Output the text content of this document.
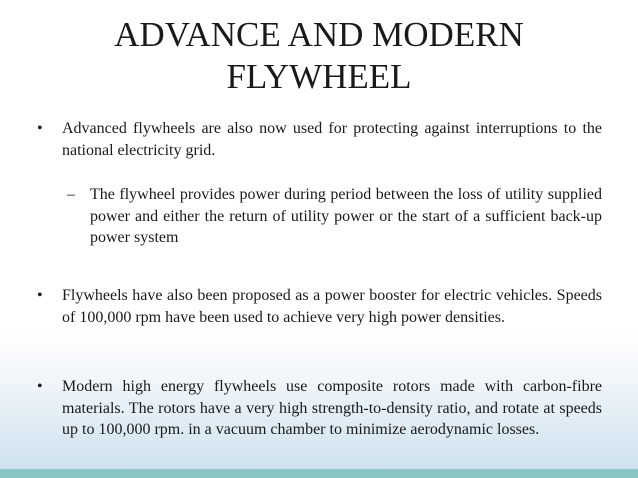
ADVANCE AND MODERN
FLYWHEEL
• Advanced flywheels are also now used for protecting against interruptions to the national electricity grid.

– The flywheel provides power during period between the loss of utility supplied power and either the return of utility power or the start of a sufficient back-up power system

• Flywheels have also been proposed as a power booster for electric vehicles. Speeds of 100,000 rpm have been used to achieve very high power densities.

• Modern high energy flywheels use composite rotors made with carbon-fibre materials. The rotors have a very high strength-to-density ratio, and rotate at speeds up to 100,000 rpm. in a vacuum chamber to minimize aerodynamic losses.
